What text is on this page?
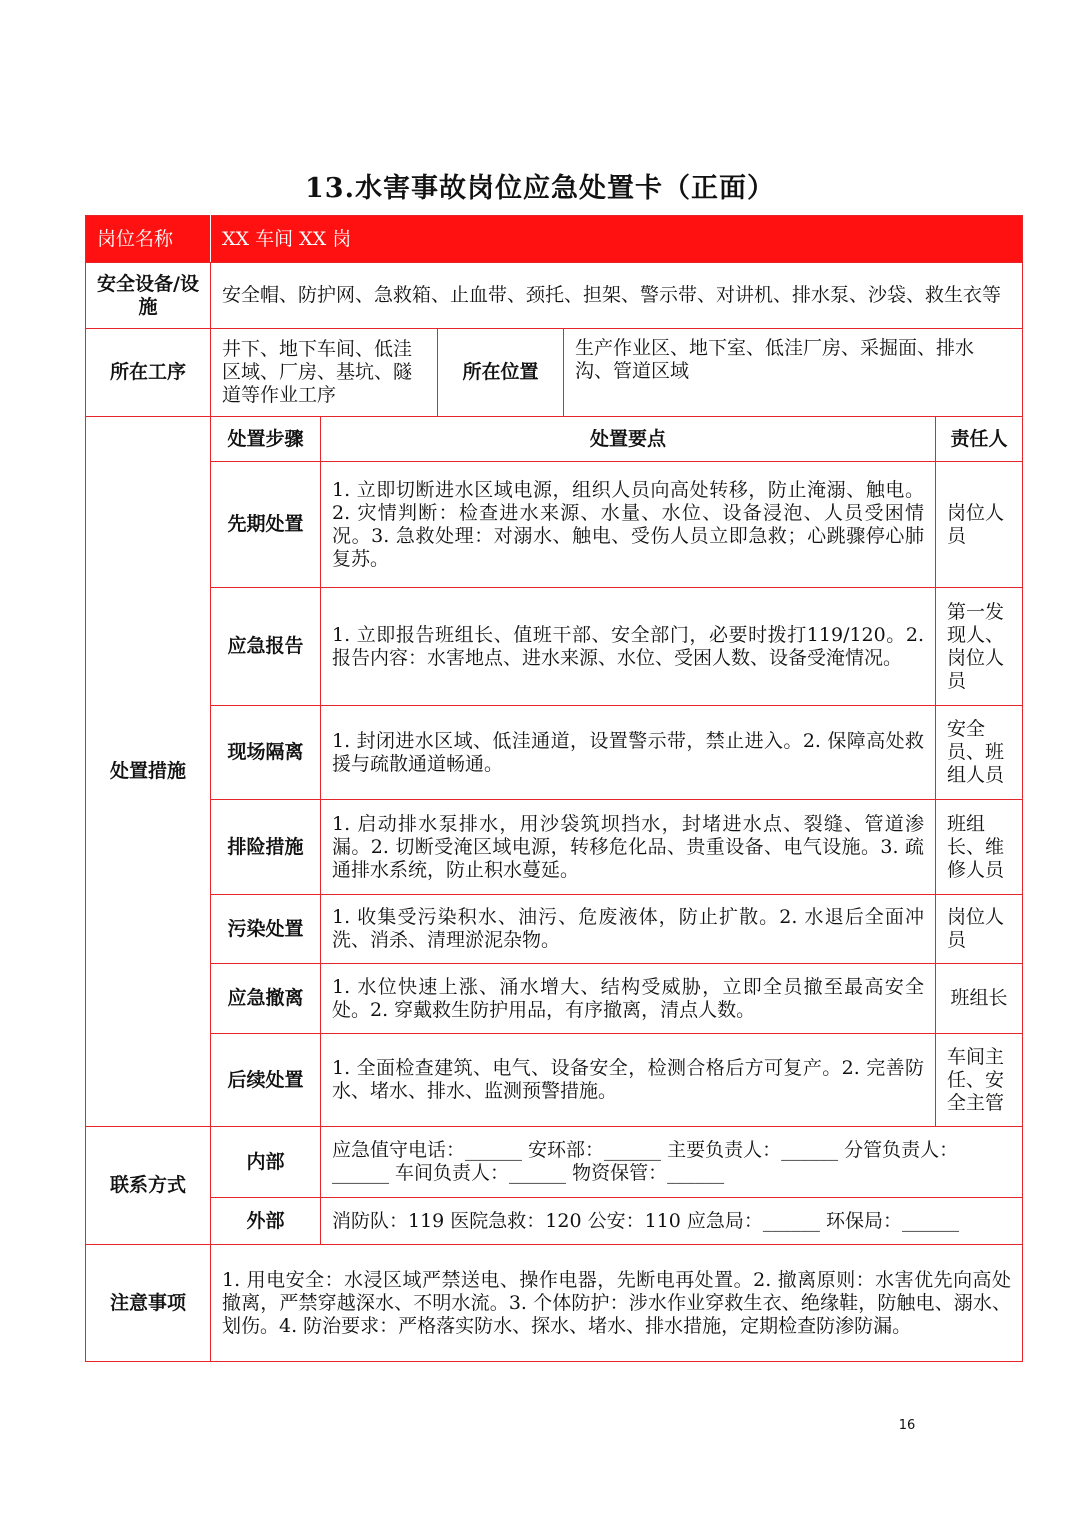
13.水害事故岗位应急处置卡（正面）
岗位名称	XX 车间 XX 岗				
安全设备/设施	安全帽、防护网、急救箱、止血带、颈托、担架、警示带、对讲机、排水泵、沙袋、救生衣等				
所在工序	井下、地下车间、低洼区域、厂房、基坑、隧道等作业工序		所在位置	生产作业区、地下室、低洼厂房、采掘面、排水沟、管道区域	
处置措施	处置步骤	处置要点			责任人
	先期处置	1. 立即切断进水区域电源，组织人员向高处转移，防止淹溺、触电。2. 灾情判断：检查进水来源、水量、水位、设备浸泡、人员受困情况。3. 急救处理：对溺水、触电、受伤人员立即急救；心跳骤停心肺复苏。			岗位人员
	应急报告	1. 立即报告班组长、值班干部、安全部门，必要时拨打119/120。2. 报告内容：水害地点、进水来源、水位、受困人数、设备受淹情况。			第一发现人、岗位人员
	现场隔离	1. 封闭进水区域、低洼通道，设置警示带，禁止进入。2. 保障高处救援与疏散通道畅通。			安全员、班组人员
	排险措施	1. 启动排水泵排水，用沙袋筑坝挡水，封堵进水点、裂缝、管道渗漏。2. 切断受淹区域电源，转移危化品、贵重设备、电气设施。3. 疏通排水系统，防止积水蔓延。			班组长、维修人员
	污染处置	1. 收集受污染积水、油污、危废液体，防止扩散。2. 水退后全面冲洗、消杀、清理淤泥杂物。			岗位人员
	应急撤离	1. 水位快速上涨、涌水增大、结构受威胁，立即全员撤至最高安全处。2. 穿戴救生防护用品，有序撤离，清点人数。			班组长
	后续处置	1. 全面检查建筑、电气、设备安全，检测合格后方可复产。2. 完善防水、堵水、排水、监测预警措施。			车间主任、安全主管
联系方式	内部	应急值守电话：______ 安环部：______ 主要负责人：______ 分管负责人：______ 车间负责人：______ 物资保管：______			
	外部	消防队：119 医院急救：120 公安：110 应急局：______ 环保局：______			
注意事项	1. 用电安全：水浸区域严禁送电、操作电器，先断电再处置。2. 撤离原则：水害优先向高处撤离，严禁穿越深水、不明水流。3. 个体防护：涉水作业穿救生衣、绝缘鞋，防触电、溺水、划伤。4. 防治要求：严格落实防水、探水、堵水、排水措施，定期检查防渗防漏。				
16
